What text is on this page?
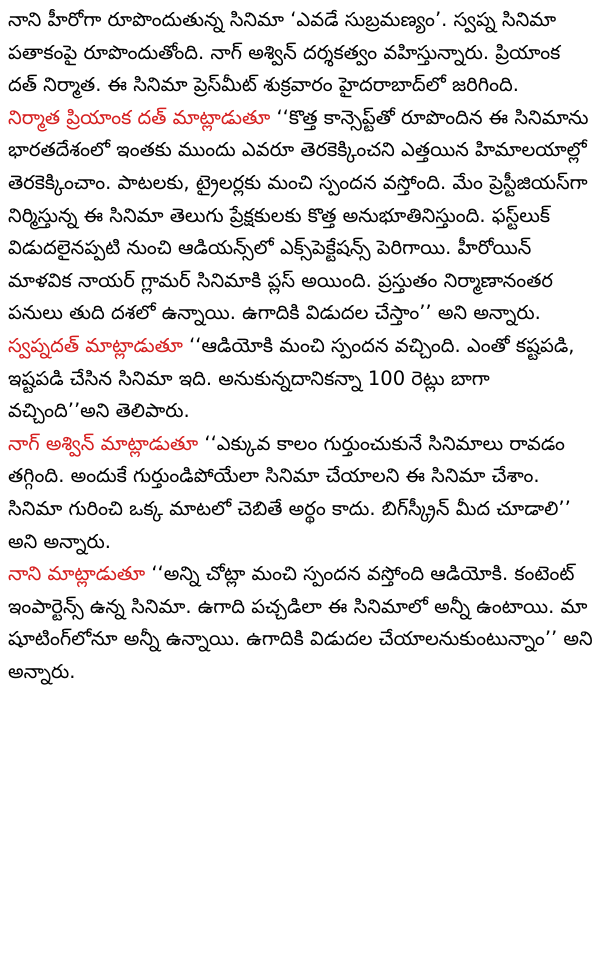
నాని హీరోగా రూపొందుతున్న సినిమా ‘ఎవడే సుబ్రమణ్యం’. స్వప్న సినిమా పతాకంపై రూపొందుతోంది. నాగ్ అశ్విన్ దర్శకత్వం వహిస్తున్నారు. ప్రియాంక దత్ నిర్మాత. ఈ సినిమా ప్రెస్‌మీట్ శుక్రవారం హైదరాబాద్‌లో జరిగింది.

నిర్మాత ప్రియాంక దత్ మాట్లాడుతూ ‘‘కొత్త కాన్సెప్ట్‌తో రూపొందిన ఈ సినిమాను భారతదేశంలో ఇంతకు ముందు ఎవరూ తెరకెక్కించని ఎత్తయిన హిమాలయాల్లో తెరకెక్కించాం. పాటలకు, ట్రైలర్లకు మంచి స్పందన వస్తోంది. మేం ప్రెస్టీజియస్‌గా నిర్మిస్తున్న ఈ సినిమా తెలుగు ప్రేక్షకులకు కొత్త అనుభూతినిస్తుంది. ఫస్ట్‌లుక్ విడుదలైనప్పటి నుంచి ఆడియన్స్‌లో ఎక్స్‌పెక్టేషన్స్ పెరిగాయి. హీరోయిన్ మాళవిక నాయర్ గ్లామర్ సినిమాకి ప్లస్ అయింది. ప్రస్తుతం నిర్మాణానంతర పనులు తుది దశలో ఉన్నాయి. ఉగాదికి విడుదల చేస్తాం’’ అని అన్నారు.

స్వప్నదత్ మాట్లాడుతూ ‘‘ఆడియోకి మంచి స్పందన వచ్చింది. ఎంతో కష్టపడి, ఇష్టపడి చేసిన సినిమా ఇది. అనుకున్నదానికన్నా 100 రెట్లు బాగా వచ్చింది’’అని తెలిపారు.

నాగ్ అశ్విన్ మాట్లాడుతూ ‘‘ఎక్కువ కాలం గుర్తుంచుకునే సినిమాలు రావడం తగ్గింది. అందుకే గుర్తుండిపోయేలా సినిమా చేయాలని ఈ సినిమా చేశాం. సినిమా గురించి ఒక్క మాటలో చెబితే అర్థం కాదు. బిగ్‌స్క్రీన్ మీద చూడాలి’’ అని అన్నారు.

నాని మాట్లాడుతూ ‘‘అన్ని చోట్లా మంచి స్పందన వస్తోంది ఆడియోకి. కంటెంట్ ఇంపార్టెన్స్ ఉన్న సినిమా. ఉగాది పచ్చడిలా ఈ సినిమాలో అన్నీ ఉంటాయి. మా షూటింగ్‌లోనూ అన్నీ ఉన్నాయి. ఉగాదికి విడుదల చేయాలనుకుంటున్నాం’’ అని అన్నారు.
